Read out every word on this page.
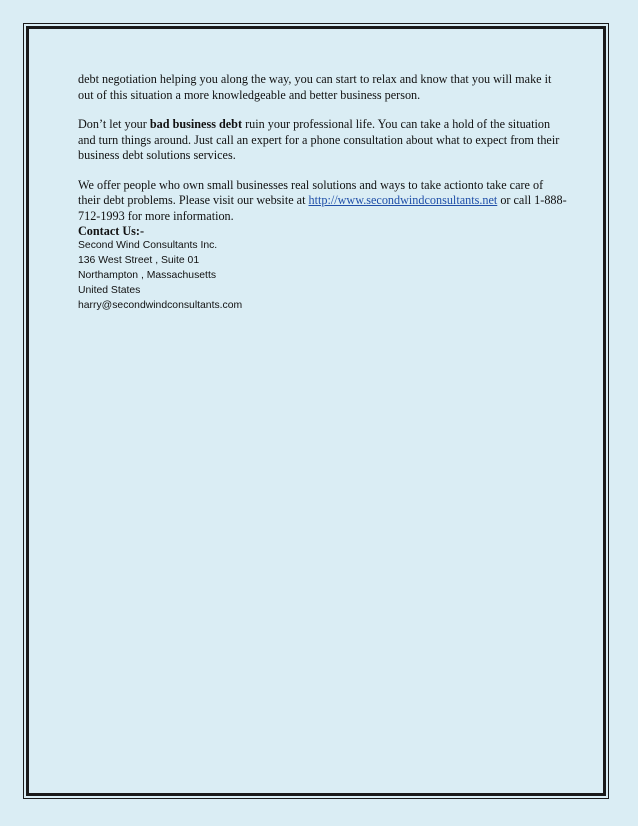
debt negotiation helping you along the way, you can start to relax and know that you will make it out of this situation a more knowledgeable and better business person.

Don’t let your bad business debt ruin your professional life. You can take a hold of the situation and turn things around. Just call an expert for a phone consultation about what to expect from their business debt solutions services.

We offer people who own small businesses real solutions and ways to take actionto take care of their debt problems. Please visit our website at http://www.secondwindconsultants.net or call 1-888-712-1993 for more information.

Contact Us:-

Second Wind Consultants Inc.

136 West Street , Suite 01

Northampton , Massachusetts

United States

harry@secondwindconsultants.com
